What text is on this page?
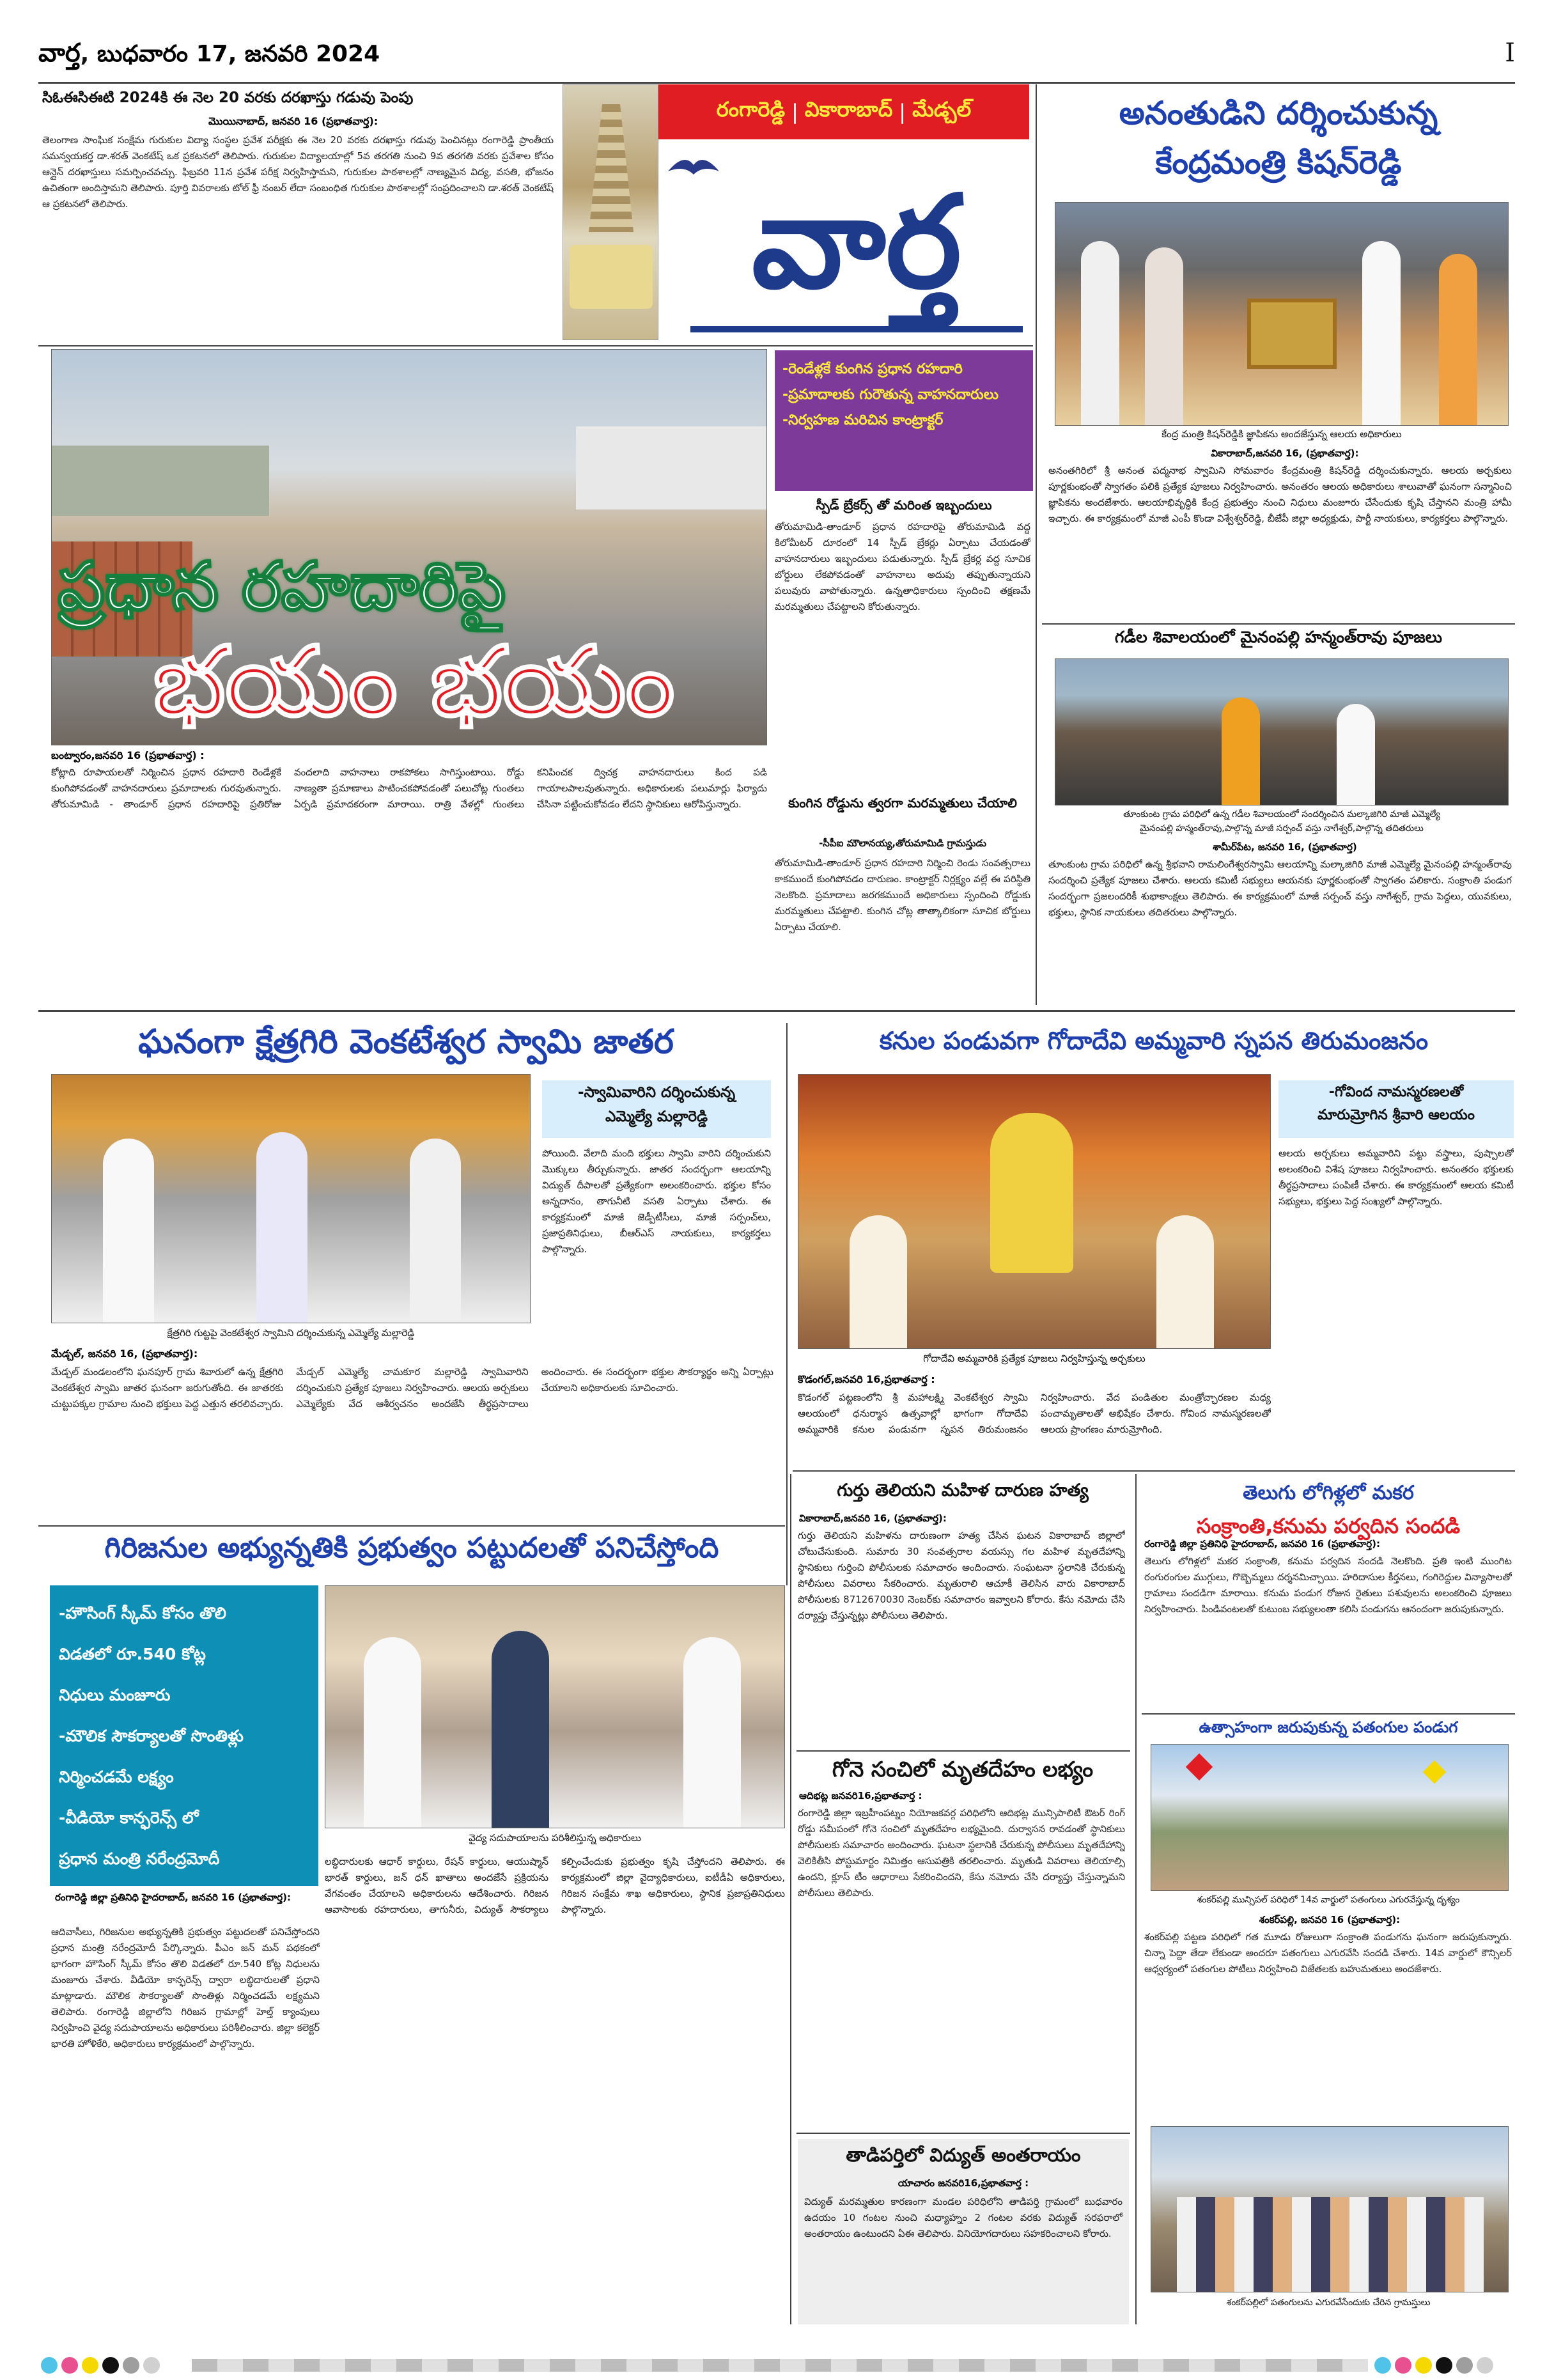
వార్త, బుధవారం 17, జనవరి 2024	I
సిఓఈసిఈటి 2024కి ఈ నెల 20 వరకు దరఖాస్తు గడువు పెంపు
మొయినాబాద్, జనవరి 16 (ప్రభాతవార్త):
తెలంగాణ సాంఘిక సంక్షేమ గురుకుల విద్యా సంస్థల ప్రవేశ పరీక్షకు ఈ నెల 20 వరకు దరఖాస్తు గడువు పెంచినట్లు రంగారెడ్డి ప్రాంతీయ సమన్వయకర్త డా.శరత్ వెంకటేష్ ఒక ప్రకటనలో తెలిపారు. గురుకుల విద్యాలయాల్లో 5వ తరగతి నుంచి 9వ తరగతి వరకు ప్రవేశాల కోసం ఆన్లైన్ దరఖాస్తులు సమర్పించవచ్చు. ఫిబ్రవరి 11న ప్రవేశ పరీక్ష నిర్వహిస్తామని, గురుకుల పాఠశాలల్లో నాణ్యమైన విద్య, వసతి, భోజనం ఉచితంగా అందిస్తామని తెలిపారు. పూర్తి వివరాలకు టోల్ ఫ్రీ నంబర్ లేదా సంబంధిత గురుకుల పాఠశాలల్లో సంప్రదించాలని డా.శరత్ వెంకటేష్ ఆ ప్రకటనలో తెలిపారు.
రంగారెడ్డి | వికారాబాద్ | మేడ్చల్
వార్త
అనంతుడిని దర్శించుకున్న
కేంద్రమంత్రి కిషన్‌రెడ్డి
కేంద్ర మంత్రి కిషన్‌రెడ్డికి జ్ఞాపికను అందజేస్తున్న ఆలయ అధికారులు
వికారాబాద్,జనవరి 16, (ప్రభాతవార్త):
అనంతగిరిలో శ్రీ అనంత పద్మనాభ స్వామిని సోమవారం కేంద్రమంత్రి కిషన్‌రెడ్డి దర్శించుకున్నారు. ఆలయ అర్చకులు పూర్ణకుంభంతో స్వాగతం పలికి ప్రత్యేక పూజలు నిర్వహించారు. అనంతరం ఆలయ అధికారులు శాలువాతో ఘనంగా సన్మానించి జ్ఞాపికను అందజేశారు. ఆలయాభివృద్ధికి కేంద్ర ప్రభుత్వం నుంచి నిధులు మంజూరు చేసేందుకు కృషి చేస్తానని మంత్రి హామీ ఇచ్చారు. ఈ కార్యక్రమంలో మాజీ ఎంపీ కొండా విశ్వేశ్వర్‌రెడ్డి, బీజేపీ జిల్లా అధ్యక్షుడు, పార్టీ నాయకులు, కార్యకర్తలు పాల్గొన్నారు.
గడీల శివాలయంలో మైనంపల్లి హన్మంత్‌రావు పూజలు
తూంకుంట గ్రామ పరిధిలో ఉన్న గడీల శివాలయంలో సందర్శించిన మల్కాజిగిరి మాజీ ఎమ్మెల్యే
మైనంపల్లి హన్మంత్‌రావు,పాల్గొన్న మాజీ సర్పంచ్ వస్తు నాగేశ్వర్,పాల్గొన్న తదితరులు
శామీర్‌పేట, జనవరి 16, (ప్రభాతవార్త)
తూంకుంట గ్రామ పరిధిలో ఉన్న శ్రీభవాని రామలింగేశ్వరస్వామి ఆలయాన్ని మల్కాజిగిరి మాజీ ఎమ్మెల్యే మైనంపల్లి హన్మంత్‌రావు సందర్శించి ప్రత్యేక పూజలు చేశారు. ఆలయ కమిటీ సభ్యులు ఆయనకు పూర్ణకుంభంతో స్వాగతం పలికారు. సంక్రాంతి పండుగ సందర్భంగా ప్రజలందరికీ శుభాకాంక్షలు తెలిపారు. ఈ కార్యక్రమంలో మాజీ సర్పంచ్ వస్తు నాగేశ్వర్, గ్రామ పెద్దలు, యువకులు, భక్తులు, స్థానిక నాయకులు తదితరులు పాల్గొన్నారు.
ప్రధాన రహదారిపై
భయం భయం
-రెండేళ్లకే కుంగిన ప్రధాన రహదారి
-ప్రమాదాలకు గురౌతున్న వాహనదారులు
-నిర్వహణ మరిచిన కాంట్రాక్టర్
స్పీడ్ బ్రేకర్స్ తో మరింత ఇబ్బందులు
తోరుమామిడి-తాండూర్ ప్రధాన రహదారిపై తోరుమామిడి వద్ద కిలోమీటర్ దూరంలో 14 స్పీడ్ బ్రేకర్లు ఏర్పాటు చేయడంతో వాహనదారులు ఇబ్బందులు పడుతున్నారు. స్పీడ్ బ్రేకర్ల వద్ద సూచిక బోర్డులు లేకపోవడంతో వాహనాలు అదుపు తప్పుతున్నాయని పలువురు వాపోతున్నారు. ఉన్నతాధికారులు స్పందించి తక్షణమే మరమ్మతులు చేపట్టాలని కోరుతున్నారు.
కుంగిన రోడ్డును త్వరగా మరమ్మతులు చేయాలి
-సీపీఐ మౌలానయ్య,తోరుమామిడి గ్రామస్తుడు
తోరుమామిడి-తాండూర్ ప్రధాన రహదారి నిర్మించి రెండు సంవత్సరాలు కాకముందే కుంగిపోవడం దారుణం. కాంట్రాక్టర్ నిర్లక్ష్యం వల్లే ఈ పరిస్థితి నెలకొంది. ప్రమాదాలు జరగకముందే అధికారులు స్పందించి రోడ్డుకు మరమ్మతులు చేపట్టాలి. కుంగిన చోట్ల తాత్కాలికంగా సూచిక బోర్డులు ఏర్పాటు చేయాలి.
బంట్వారం,జనవరి 16 (ప్రభాతవార్త) :
కోట్లాది రూపాయలతో నిర్మించిన ప్రధాన రహదారి రెండేళ్లకే కుంగిపోవడంతో వాహనదారులు ప్రమాదాలకు గురవుతున్నారు. తోరుమామిడి - తాండూర్ ప్రధాన రహదారిపై ప్రతిరోజు వందలాది వాహనాలు రాకపోకలు సాగిస్తుంటాయి. రోడ్డు నాణ్యతా ప్రమాణాలు పాటించకపోవడంతో పలుచోట్ల గుంతలు ఏర్పడి ప్రమాదకరంగా మారాయి. రాత్రి వేళల్లో గుంతలు కనిపించక ద్విచక్ర వాహనదారులు కింద పడి గాయాలపాలవుతున్నారు. అధికారులకు పలుమార్లు ఫిర్యాదు చేసినా పట్టించుకోవడం లేదని స్థానికులు ఆరోపిస్తున్నారు.
ఘనంగా క్షేత్రగిరి వెంకటేశ్వర స్వామి జాతర
క్షేత్రగిరి గుట్టపై వెంకటేశ్వర స్వామిని దర్శించుకున్న ఎమ్మెల్యే మల్లారెడ్డి
-స్వామివారిని దర్శించుకున్న
ఎమ్మెల్యే మల్లారెడ్డి
పోయింది. వేలాది మంది భక్తులు స్వామి వారిని దర్శించుకుని మొక్కులు తీర్చుకున్నారు. జాతర సందర్భంగా ఆలయాన్ని విద్యుత్ దీపాలతో ప్రత్యేకంగా అలంకరించారు. భక్తుల కోసం అన్నదానం, తాగునీటి వసతి ఏర్పాటు చేశారు. ఈ కార్యక్రమంలో మాజీ జెడ్పీటీసీలు, మాజీ సర్పంచ్‌లు, ప్రజాప్రతినిధులు, బీఆర్ఎస్ నాయకులు, కార్యకర్తలు పాల్గొన్నారు.
మేడ్చల్, జనవరి 16, (ప్రభాతవార్త):
మేడ్చల్ మండలంలోని ఘనపూర్ గ్రామ శివారులో ఉన్న క్షేత్రగిరి వెంకటేశ్వర స్వామి జాతర ఘనంగా జరుగుతోంది. ఈ జాతరకు చుట్టుపక్కల గ్రామాల నుంచి భక్తులు పెద్ద ఎత్తున తరలివచ్చారు. మేడ్చల్ ఎమ్మెల్యే చామకూర మల్లారెడ్డి స్వామివారిని దర్శించుకుని ప్రత్యేక పూజలు నిర్వహించారు. ఆలయ అర్చకులు ఎమ్మెల్యేకు వేద ఆశీర్వచనం అందజేసి తీర్థప్రసాదాలు అందించారు. ఈ సందర్భంగా భక్తుల సౌకర్యార్థం అన్ని ఏర్పాట్లు చేయాలని అధికారులకు సూచించారు.
కనుల పండువగా గోదాదేవి అమ్మవారి స్నపన తిరుమంజనం
గోదాదేవి అమ్మవారికి ప్రత్యేక పూజలు నిర్వహిస్తున్న అర్చకులు
-గోవింద నామస్మరణలతో
మారుమ్రోగిన శ్రీవారి ఆలయం
ఆలయ అర్చకులు అమ్మవారిని పట్టు వస్త్రాలు, పుష్పాలతో అలంకరించి విశేష పూజలు నిర్వహించారు. అనంతరం భక్తులకు తీర్థప్రసాదాలు పంపిణీ చేశారు. ఈ కార్యక్రమంలో ఆలయ కమిటీ సభ్యులు, భక్తులు పెద్ద సంఖ్యలో పాల్గొన్నారు.
కొడంగల్,జనవరి 16,ప్రభాతవార్త :
కొడంగల్ పట్టణంలోని శ్రీ మహాలక్ష్మి వెంకటేశ్వర స్వామి ఆలయంలో ధనుర్మాస ఉత్సవాల్లో భాగంగా గోదాదేవి అమ్మవారికి కనుల పండువగా స్నపన తిరుమంజనం నిర్వహించారు. వేద పండితుల మంత్రోచ్ఛారణల మధ్య పంచామృతాలతో అభిషేకం చేశారు. గోవింద నామస్మరణలతో ఆలయ ప్రాంగణం మారుమ్రోగింది.
గిరిజనుల అభ్యున్నతికి ప్రభుత్వం పట్టుదలతో పనిచేస్తోంది
-హౌసింగ్ స్కీమ్ కోసం తొలి
విడతలో రూ.540 కోట్ల
నిధులు మంజూరు
-మౌలిక సౌకర్యాలతో సొంతిళ్లు
నిర్మించడమే లక్ష్యం
-వీడియో కాన్ఫరెన్స్ లో
ప్రధాన మంత్రి నరేంద్రమోదీ
వైద్య సదుపాయాలను పరిశీలిస్తున్న అధికారులు
రంగారెడ్డి జిల్లా ప్రతినిధి హైదరాబాద్, జనవరి 16 (ప్రభాతవార్త):
ఆదివాసీలు, గిరిజనుల అభ్యున్నతికి ప్రభుత్వం పట్టుదలతో పనిచేస్తోందని ప్రధాన మంత్రి నరేంద్రమోదీ పేర్కొన్నారు. పీఎం జన్ మన్ పథకంలో భాగంగా హౌసింగ్ స్కీమ్ కోసం తొలి విడతలో రూ.540 కోట్ల నిధులను మంజూరు చేశారు. వీడియో కాన్ఫరెన్స్ ద్వారా లబ్ధిదారులతో ప్రధాని మాట్లాడారు. మౌలిక సౌకర్యాలతో సొంతిళ్లు నిర్మించడమే లక్ష్యమని తెలిపారు. రంగారెడ్డి జిల్లాలోని గిరిజన గ్రామాల్లో హెల్త్ క్యాంపులు నిర్వహించి వైద్య సదుపాయాలను అధికారులు పరిశీలించారు. జిల్లా కలెక్టర్ భారతి హోళికేరి, అధికారులు కార్యక్రమంలో పాల్గొన్నారు.
లబ్ధిదారులకు ఆధార్ కార్డులు, రేషన్ కార్డులు, ఆయుష్మాన్ భారత్ కార్డులు, జన్ ధన్ ఖాతాలు అందజేసే ప్రక్రియను వేగవంతం చేయాలని అధికారులను ఆదేశించారు. గిరిజన ఆవాసాలకు రహదారులు, తాగునీరు, విద్యుత్ సౌకర్యాలు కల్పించేందుకు ప్రభుత్వం కృషి చేస్తోందని తెలిపారు. ఈ కార్యక్రమంలో జిల్లా వైద్యాధికారులు, ఐటీడీఏ అధికారులు, గిరిజన సంక్షేమ శాఖ అధికారులు, స్థానిక ప్రజాప్రతినిధులు పాల్గొన్నారు.
గుర్తు తెలియని మహిళ దారుణ హత్య
వికారాబాద్,జనవరి 16, (ప్రభాతవార్త):
గుర్తు తెలియని మహిళను దారుణంగా హత్య చేసిన ఘటన వికారాబాద్ జిల్లాలో చోటుచేసుకుంది. సుమారు 30 సంవత్సరాల వయస్సు గల మహిళ మృతదేహాన్ని స్థానికులు గుర్తించి పోలీసులకు సమాచారం అందించారు. సంఘటనా స్థలానికి చేరుకున్న పోలీసులు వివరాలు సేకరించారు. మృతురాలి ఆచూకీ తెలిసిన వారు వికారాబాద్ పోలీసులకు 8712670030 నెంబర్‌కు సమాచారం ఇవ్వాలని కోరారు. కేసు నమోదు చేసి దర్యాప్తు చేస్తున్నట్లు పోలీసులు తెలిపారు.
గోనె సంచిలో మృతదేహం లభ్యం
ఆదిభట్ల జనవరి16,ప్రభాతవార్త :
రంగారెడ్డి జిల్లా ఇబ్రహీంపట్నం నియోజకవర్గ పరిధిలోని ఆదిభట్ల మున్సిపాలిటీ ఔటర్ రింగ్ రోడ్డు సమీపంలో గోనె సంచిలో మృతదేహం లభ్యమైంది. దుర్వాసన రావడంతో స్థానికులు పోలీసులకు సమాచారం అందించారు. ఘటనా స్థలానికి చేరుకున్న పోలీసులు మృతదేహాన్ని వెలికితీసి పోస్టుమార్టం నిమిత్తం ఆసుపత్రికి తరలించారు. మృతుడి వివరాలు తెలియాల్సి ఉందని, క్లూస్ టీం ఆధారాలు సేకరించిందని, కేసు నమోదు చేసి దర్యాప్తు చేస్తున్నామని పోలీసులు తెలిపారు.
తాడిపర్తిలో విద్యుత్ అంతరాయం
యాచారం జనవరి16,ప్రభాతవార్త :
విద్యుత్ మరమ్మతుల కారణంగా మండల పరిధిలోని తాడిపర్తి గ్రామంలో బుధవారం ఉదయం 10 గంటల నుంచి మధ్యాహ్నం 2 గంటల వరకు విద్యుత్ సరఫరాలో అంతరాయం ఉంటుందని ఏఈ తెలిపారు. వినియోగదారులు సహకరించాలని కోరారు.
తెలుగు లోగిళ్లలో మకర
సంక్రాంతి,కనుమ పర్వదిన సందడి
రంగారెడ్డి జిల్లా ప్రతినిధి హైదరాబాద్, జనవరి 16 (ప్రభాతవార్త):
తెలుగు లోగిళ్లలో మకర సంక్రాంతి, కనుమ పర్వదిన సందడి నెలకొంది. ప్రతి ఇంటి ముంగిట రంగురంగుల ముగ్గులు, గొబ్బెమ్మలు దర్శనమిచ్చాయి. హరిదాసుల కీర్తనలు, గంగిరెద్దుల విన్యాసాలతో గ్రామాలు సందడిగా మారాయి. కనుమ పండుగ రోజున రైతులు పశువులను అలంకరించి పూజలు నిర్వహించారు. పిండివంటలతో కుటుంబ సభ్యులంతా కలిసి పండుగను ఆనందంగా జరుపుకున్నారు.
ఉత్సాహంగా జరుపుకున్న పతంగుల పండుగ
శంకర్‌పల్లి మున్సిపల్ పరిధిలో 14వ వార్డులో పతంగులు ఎగురవేస్తున్న దృశ్యం
శంకర్‌పల్లి, జనవరి 16 (ప్రభాతవార్త):
శంకర్‌పల్లి పట్టణ పరిధిలో గత మూడు రోజులుగా సంక్రాంతి పండుగను ఘనంగా జరుపుకున్నారు. చిన్నా పెద్దా తేడా లేకుండా అందరూ పతంగులు ఎగురవేసి సందడి చేశారు. 14వ వార్డులో కౌన్సిలర్ ఆధ్వర్యంలో పతంగుల పోటీలు నిర్వహించి విజేతలకు బహుమతులు అందజేశారు.
శంకర్‌పల్లిలో పతంగులను ఎగురవేసేందుకు చేరిన గ్రామస్తులు
